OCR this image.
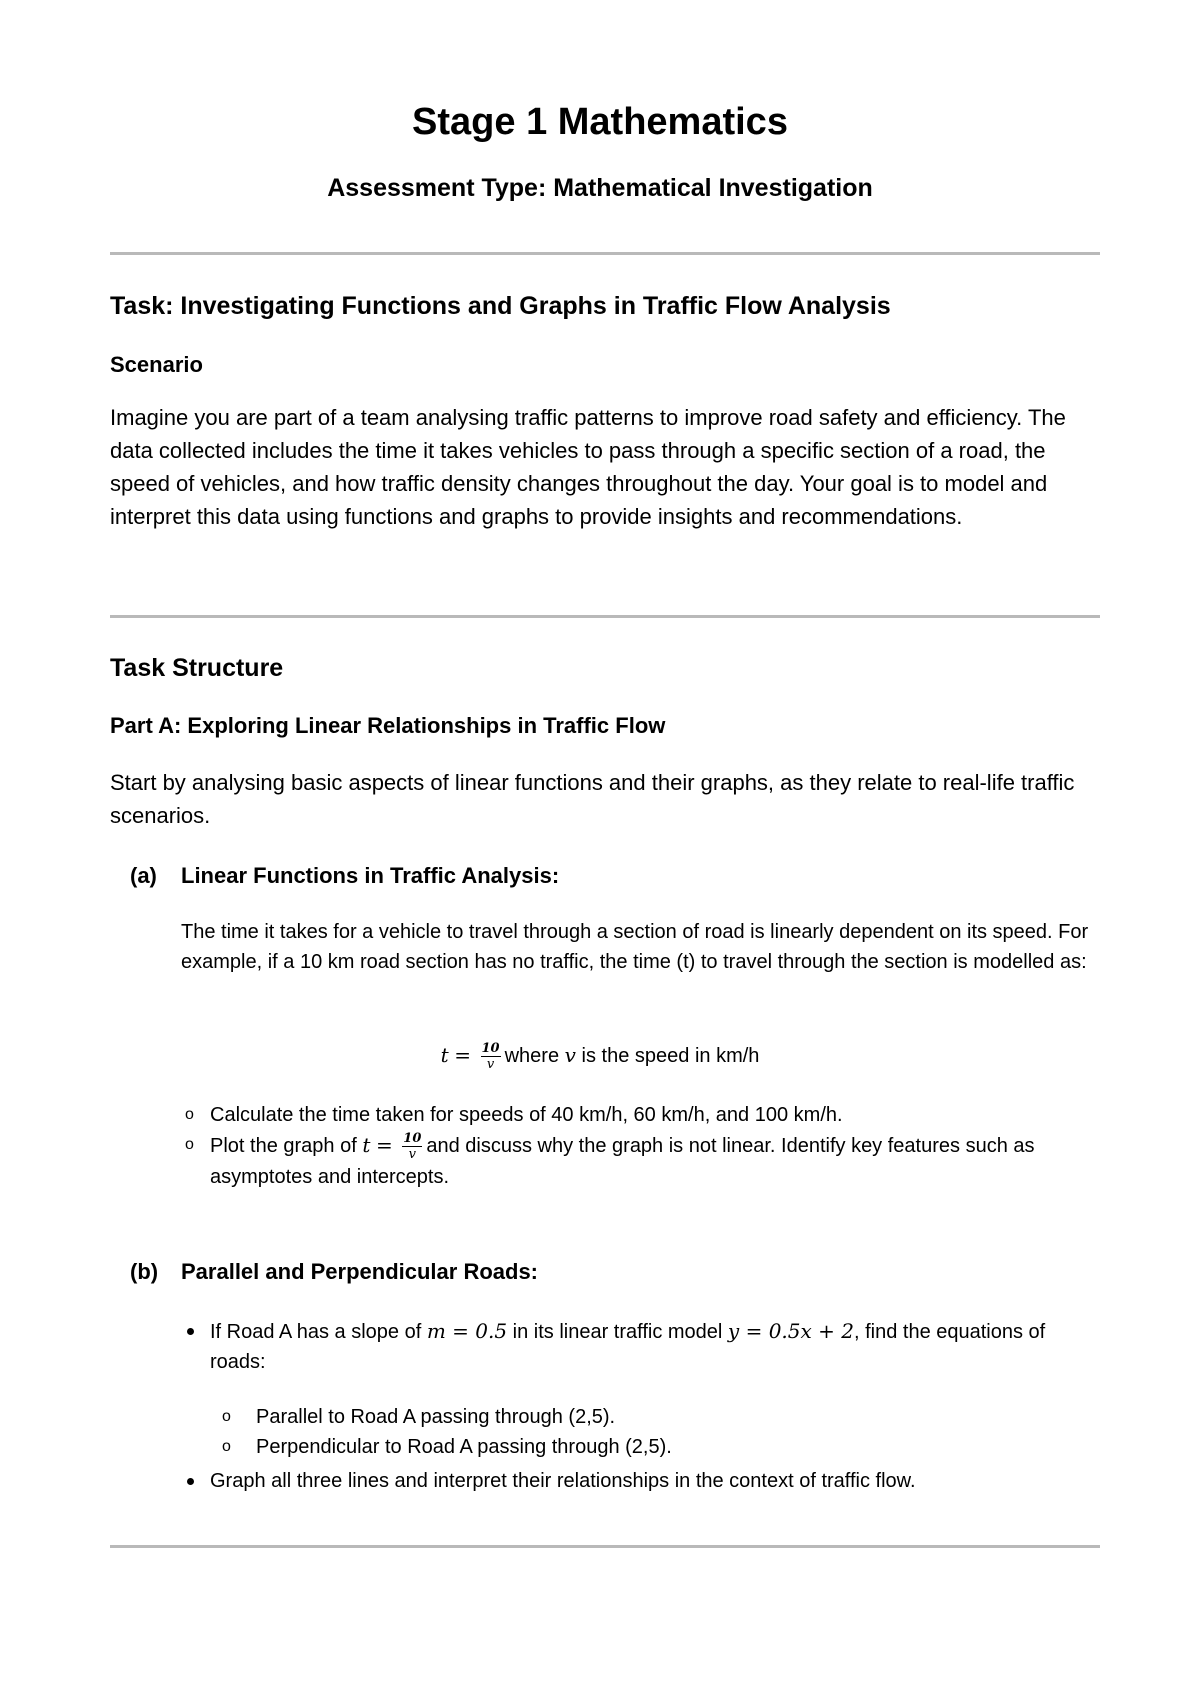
Stage 1 Mathematics
Assessment Type: Mathematical Investigation
Task: Investigating Functions and Graphs in Traffic Flow Analysis
Scenario

Imagine you are part of a team analysing traffic patterns to improve road safety and efficiency. The data collected includes the time it takes vehicles to pass through a specific section of a road, the speed of vehicles, and how traffic density changes throughout the day. Your goal is to model and interpret this data using functions and graphs to provide insights and recommendations.

Task Structure
Part A: Exploring Linear Relationships in Traffic Flow

Start by analysing basic aspects of linear functions and their graphs, as they relate to real-life traffic scenarios.

(a) Linear Functions in Traffic Analysis:

The time it takes for a vehicle to travel through a section of road is linearly dependent on its speed. For example, if a 10 km road section has no traffic, the time (t) to travel through the section is modelled as:

$t = \frac{10}{v}$ where v is the speed in km/h
o Calculate the time taken for speeds of 40 km/h, 60 km/h, and 100 km/h.
o Plot the graph of $t = \frac{10}{v}$ and discuss why the graph is not linear. Identify key features such as asymptotes and intercepts.
(b) Parallel and Perpendicular Roads:
If Road A has a slope of m = 0.5 in its linear traffic model y = 0.5x + 2, find the equations of roads:
o Parallel to Road A passing through (2,5).
o Perpendicular to Road A passing through (2,5).
Graph all three lines and interpret their relationships in the context of traffic flow.
